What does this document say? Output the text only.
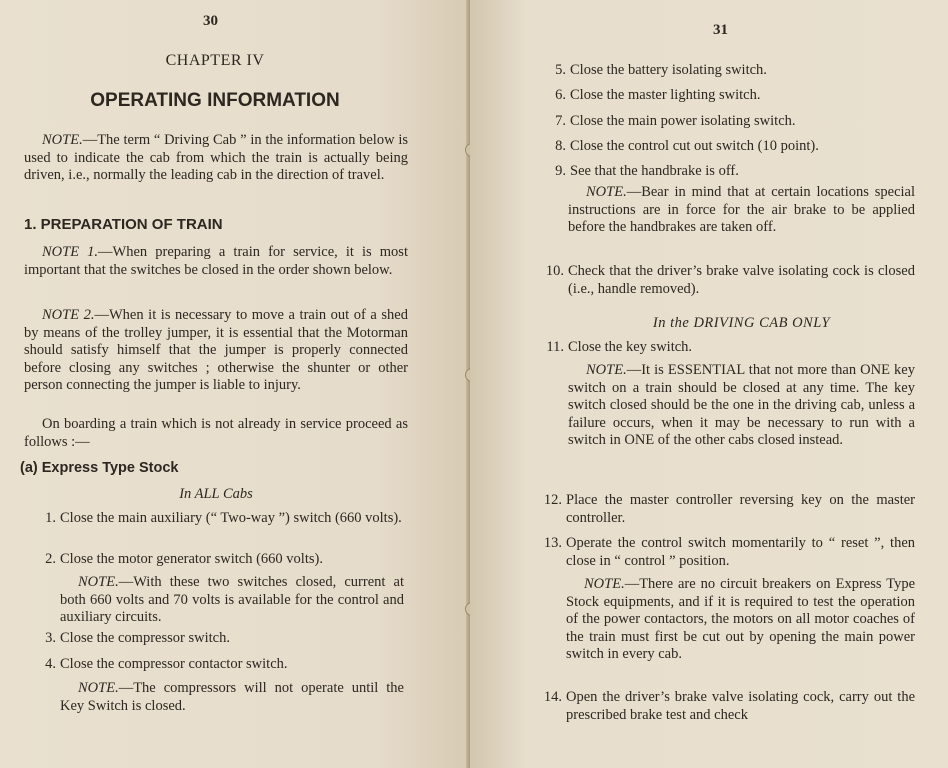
30
CHAPTER IV
OPERATING INFORMATION

NOTE.—The term “ Driving Cab ” in the information below is used to indicate the cab from which the train is actually being driven, i.e., normally the leading cab in the direction of travel.

1. PREPARATION OF TRAIN

NOTE 1.—When preparing a train for service, it is most important that the switches be closed in the order shown below.

NOTE 2.—When it is necessary to move a train out of a shed by means of the trolley jumper, it is essential that the Motorman should satisfy himself that the jumper is properly connected before closing any switches ; otherwise the shunter or other person connecting the jumper is liable to injury.

On boarding a train which is not already in service proceed as follows :—

(a) Express Type Stock
In ALL Cabs
1. Close the main auxiliary (“ Two-way ”) switch (660 volts).
2. Close the motor generator switch (660 volts).

NOTE.—With these two switches closed, current at both 660 volts and 70 volts is available for the control and auxiliary circuits.

3. Close the compressor switch.
4. Close the compressor contactor switch.

NOTE.—The compressors will not operate until the Key Switch is closed.

31
5. Close the battery isolating switch.
6. Close the master lighting switch.
7. Close the main power isolating switch.
8. Close the control cut out switch (10 point).
9. See that the handbrake is off.

NOTE.—Bear in mind that at certain locations special instructions are in force for the air brake to be applied before the handbrakes are taken off.

10. Check that the driver’s brake valve isolating cock is closed (i.e., handle removed).
In the DRIVING CAB ONLY
11. Close the key switch.

NOTE.—It is ESSENTIAL that not more than ONE key switch on a train should be closed at any time. The key switch closed should be the one in the driving cab, unless a failure occurs, when it may be necessary to run with a switch in ONE of the other cabs closed instead.

12. Place the master controller reversing key on the master controller.
13. Operate the control switch momentarily to “ reset ”, then close in “ control ” position.

NOTE.—There are no circuit breakers on Express Type Stock equipments, and if it is required to test the operation of the power contactors, the motors on all motor coaches of the train must first be cut out by opening the main power switch in every cab.

14. Open the driver’s brake valve isolating cock, carry out the prescribed brake test and check
